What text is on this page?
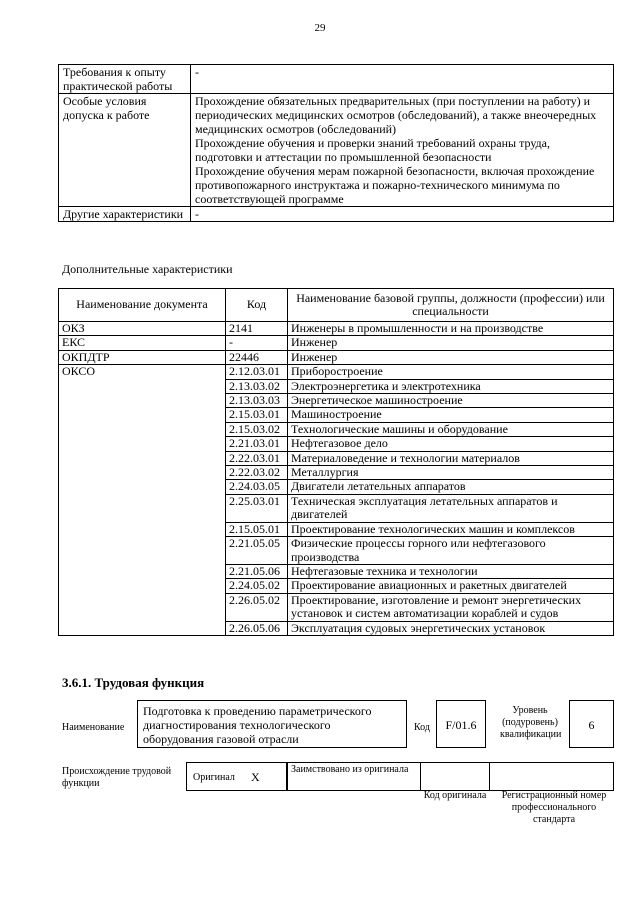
29
Требования к опыту практической работы	-

Особые условия допуска к работе	Прохождение обязательных предварительных (при поступлении на работу) и периодических медицинских осмотров (обследований), а также внеочередных медицинских осмотров (обследований)
Прохождение обучения и проверки знаний требований охраны труда, подготовки и аттестации по промышленной безопасности
Прохождение обучения мерам пожарной безопасности, включая прохождение противопожарного инструктажа и пожарно-технического минимума по соответствующей программе

Другие характеристики	-
Дополнительные характеристики
Наименование документа	Код	Наименование базовой группы, должности (профессии) или специальности
ОКЗ	2141	Инженеры в промышленности и на производстве
ЕКС	-	Инженер
ОКПДТР	22446	Инженер
ОКСО	2.12.03.01	Приборостроение
	2.13.03.02	Электроэнергетика и электротехника
	2.13.03.03	Энергетическое машиностроение
	2.15.03.01	Машиностроение
	2.15.03.02	Технологические машины и оборудование
	2.21.03.01	Нефтегазовое дело
	2.22.03.01	Материаловедение и технологии материалов
	2.22.03.02	Металлургия
	2.24.03.05	Двигатели летательных аппаратов
	2.25.03.01	Техническая эксплуатация летательных аппаратов и двигателей
	2.15.05.01	Проектирование технологических машин и комплексов
	2.21.05.05	Физические процессы горного или нефтегазового производства
	2.21.05.06	Нефтегазовые техника и технологии
	2.24.05.02	Проектирование авиационных и ракетных двигателей
	2.26.05.02	Проектирование, изготовление и ремонт энергетических установок и систем автоматизации кораблей и судов
	2.26.05.06	Эксплуатация судовых энергетических установок
3.6.1. Трудовая функция
Наименование
Подготовка к проведению параметрического диагностирования технологического оборудования газовой отрасли
Код	F/01.6
Уровень (подуровень) квалификации
6
Происхождение трудовой функции
Оригинал	X
Заимствовано из оригинала
Код оригинала	Регистрационный номер профессионального стандарта
